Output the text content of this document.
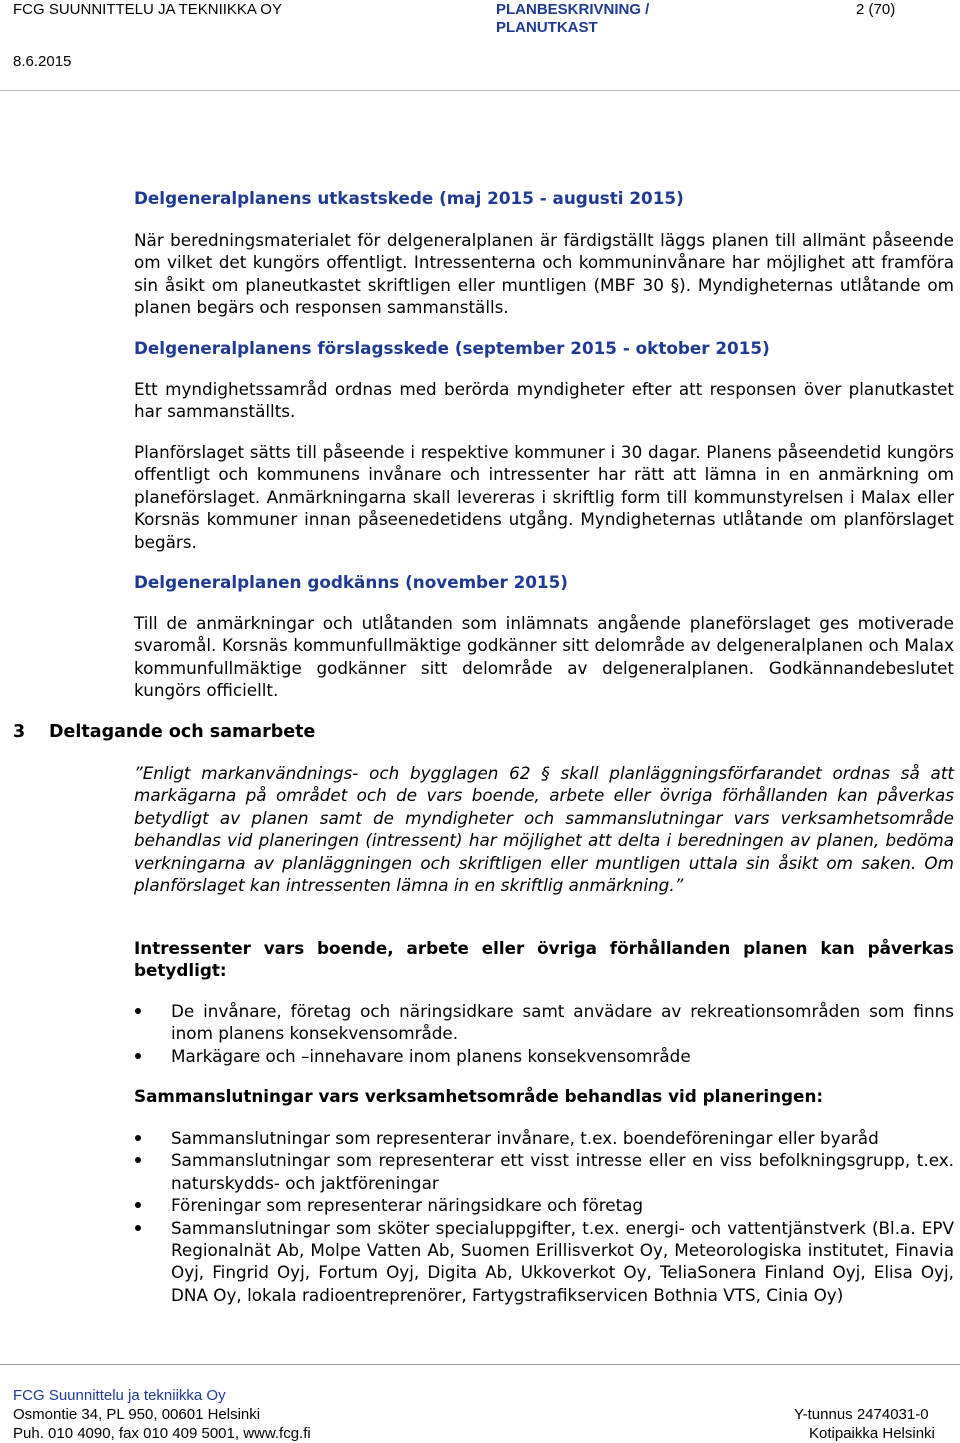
FCG SUUNNITTELU JA TEKNIIKKA OY
8.6.2015
PLANBESKRIVNING /
PLANUTKAST
2 (70)
Delgeneralplanens utkastskede (maj 2015 - augusti 2015)
När beredningsmaterialet för delgeneralplanen är färdigställt läggs planen till allmänt påseende om vilket det kungörs offentligt. Intressenterna och kommuninvånare har möjlighet att framföra sin åsikt om planeutkastet skriftligen eller muntligen (MBF 30 §). Myndigheternas utlåtande om planen begärs och responsen sammanställs.
Delgeneralplanens förslagsskede (september 2015 - oktober 2015)
Ett myndighetssamråd ordnas med berörda myndigheter efter att responsen över planutkastet har sammanställts.
Planförslaget sätts till påseende i respektive kommuner i 30 dagar. Planens påseendetid kungörs offentligt och kommunens invånare och intressenter har rätt att lämna in en anmärkning om planeförslaget. Anmärkningarna skall levereras i skriftlig form till kommunstyrelsen i Malax eller Korsnäs kommuner innan påseenedetidens utgång. Myndigheternas utlåtande om planförslaget begärs.
Delgeneralplanen godkänns (november 2015)
Till de anmärkningar och utlåtanden som inlämnats angående planeförslaget ges motiverade svaromål. Korsnäs kommunfullmäktige godkänner sitt delområde av delgeneralplanen och Malax kommunfullmäktige godkänner sitt delområde av delgeneralplanen. Godkännandebeslutet kungörs officiellt.
3 Deltagande och samarbete
”Enligt markanvändnings- och bygglagen 62 § skall planläggningsförfarandet ordnas så att markägarna på området och de vars boende, arbete eller övriga förhållanden kan påverkas betydligt av planen samt de myndigheter och sammanslutningar vars verksamhetsområde behandlas vid planeringen (intressent) har möjlighet att delta i beredningen av planen, bedöma verkningarna av planläggningen och skriftligen eller muntligen uttala sin åsikt om saken. Om planförslaget kan intressenten lämna in en skriftlig anmärkning.”
Intressenter vars boende, arbete eller övriga förhållanden planen kan påverkas betydligt:
De invånare, företag och näringsidkare samt anvädare av rekreationsområden som finns inom planens konsekvensområde.
Markägare och –innehavare inom planens konsekvensområde
Sammanslutningar vars verksamhetsområde behandlas vid planeringen:
Sammanslutningar som representerar invånare, t.ex. boendeföreningar eller byaråd
Sammanslutningar som representerar ett visst intresse eller en viss befolkningsgrupp, t.ex. naturskydds- och jaktföreningar
Föreningar som representerar näringsidkare och företag
Sammanslutningar som sköter specialuppgifter, t.ex. energi- och vattentjänstverk (Bl.a. EPV Regionalnät Ab, Molpe Vatten Ab, Suomen Erillisverkot Oy, Meteorologiska institutet, Finavia Oyj, Fingrid Oyj, Fortum Oyj, Digita Ab, Ukkoverkot Oy, TeliaSonera Finland Oyj, Elisa Oyj, DNA Oy, lokala radioentreprenörer, Fartygstrafikservicen Bothnia VTS, Cinia Oy)
FCG Suunnittelu ja tekniikka Oy
Osmontie 34, PL 950, 00601 Helsinki
Puh. 010 4090, fax 010 409 5001, www.fcg.fi
Y-tunnus 2474031-0
Kotipaikka Helsinki
